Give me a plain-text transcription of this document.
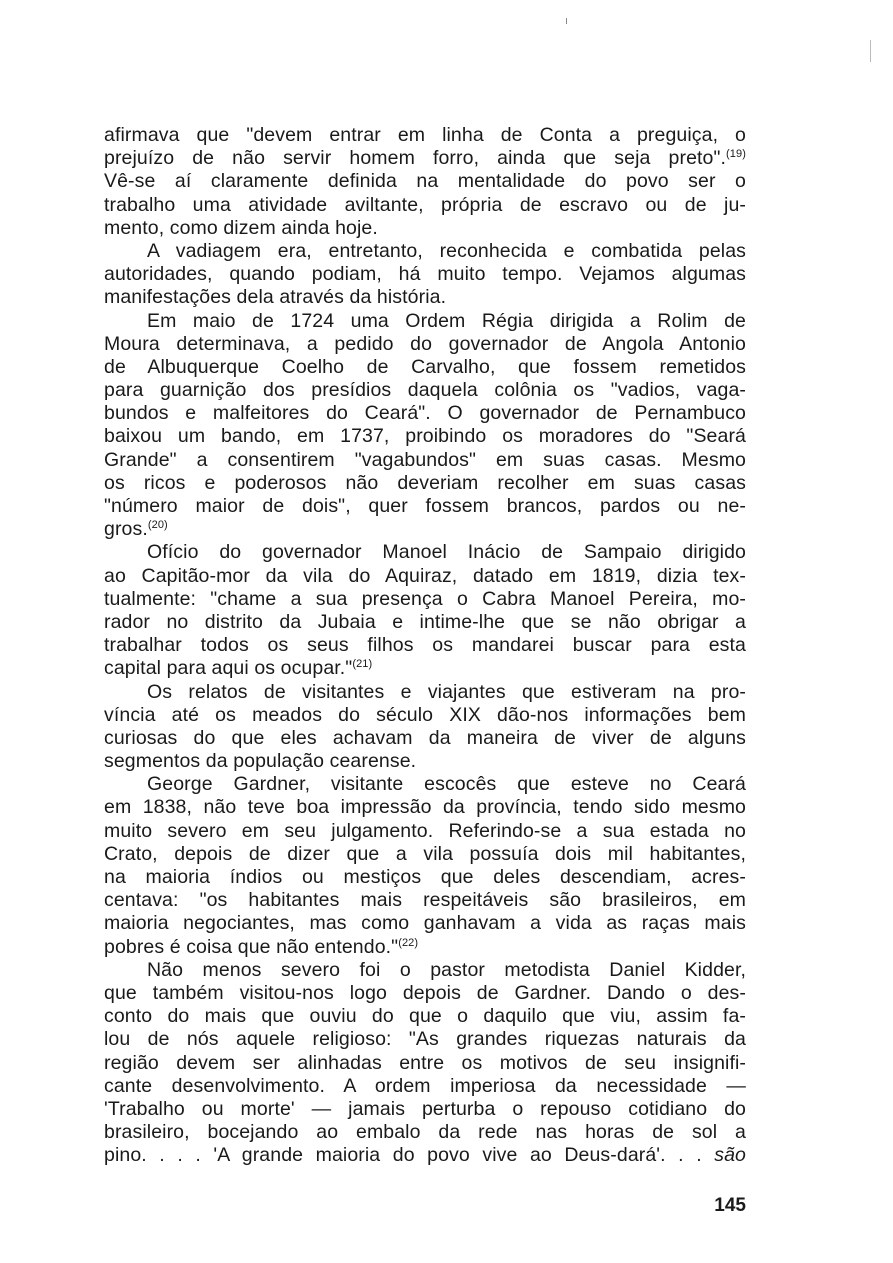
afirmava que "devem entrar em linha de Conta a preguiça, o
prejuízo de não servir homem forro, ainda que seja preto".$^{(19)}$
Vê-se aí claramente definida na mentalidade do povo ser o
trabalho uma atividade aviltante, própria de escravo ou de ju-
mento, como dizem ainda hoje.
A vadiagem era, entretanto, reconhecida e combatida pelas
autoridades, quando podiam, há muito tempo. Vejamos algumas
manifestações dela através da história.
Em maio de 1724 uma Ordem Régia dirigida a Rolim de
Moura determinava, a pedido do governador de Angola Antonio
de Albuquerque Coelho de Carvalho, que fossem remetidos
para guarnição dos presídios daquela colônia os "vadios, vaga-
bundos e malfeitores do Ceará". O governador de Pernambuco
baixou um bando, em 1737, proibindo os moradores do "Seará
Grande" a consentirem "vagabundos" em suas casas. Mesmo
os ricos e poderosos não deveriam recolher em suas casas
"número maior de dois", quer fossem brancos, pardos ou ne-
gros.$^{(20)}$
Ofício do governador Manoel Inácio de Sampaio dirigido
ao Capitão-mor da vila do Aquiraz, datado em 1819, dizia tex-
tualmente: "chame a sua presença o Cabra Manoel Pereira, mo-
rador no distrito da Jubaia e intime-lhe que se não obrigar a
trabalhar todos os seus filhos os mandarei buscar para esta
capital para aqui os ocupar."$^{(21)}$
Os relatos de visitantes e viajantes que estiveram na pro-
víncia até os meados do século XIX dão-nos informações bem
curiosas do que eles achavam da maneira de viver de alguns
segmentos da população cearense.
George Gardner, visitante escocês que esteve no Ceará
em 1838, não teve boa impressão da província, tendo sido mesmo
muito severo em seu julgamento. Referindo-se a sua estada no
Crato, depois de dizer que a vila possuía dois mil habitantes,
na maioria índios ou mestiços que deles descendiam, acres-
centava: "os habitantes mais respeitáveis são brasileiros, em
maioria negociantes, mas como ganhavam a vida as raças mais
pobres é coisa que não entendo."$^{(22)}$
Não menos severo foi o pastor metodista Daniel Kidder,
que também visitou-nos logo depois de Gardner. Dando o des-
conto do mais que ouviu do que o daquilo que viu, assim fa-
lou de nós aquele religioso: "As grandes riquezas naturais da
região devem ser alinhadas entre os motivos de seu insignifi-
cante desenvolvimento. A ordem imperiosa da necessidade —
'Trabalho ou morte' — jamais perturba o repouso cotidiano do
brasileiro, bocejando ao embalo da rede nas horas de sol a
pino. . . . 'A grande maioria do povo vive ao Deus-dará'. . . são
145
